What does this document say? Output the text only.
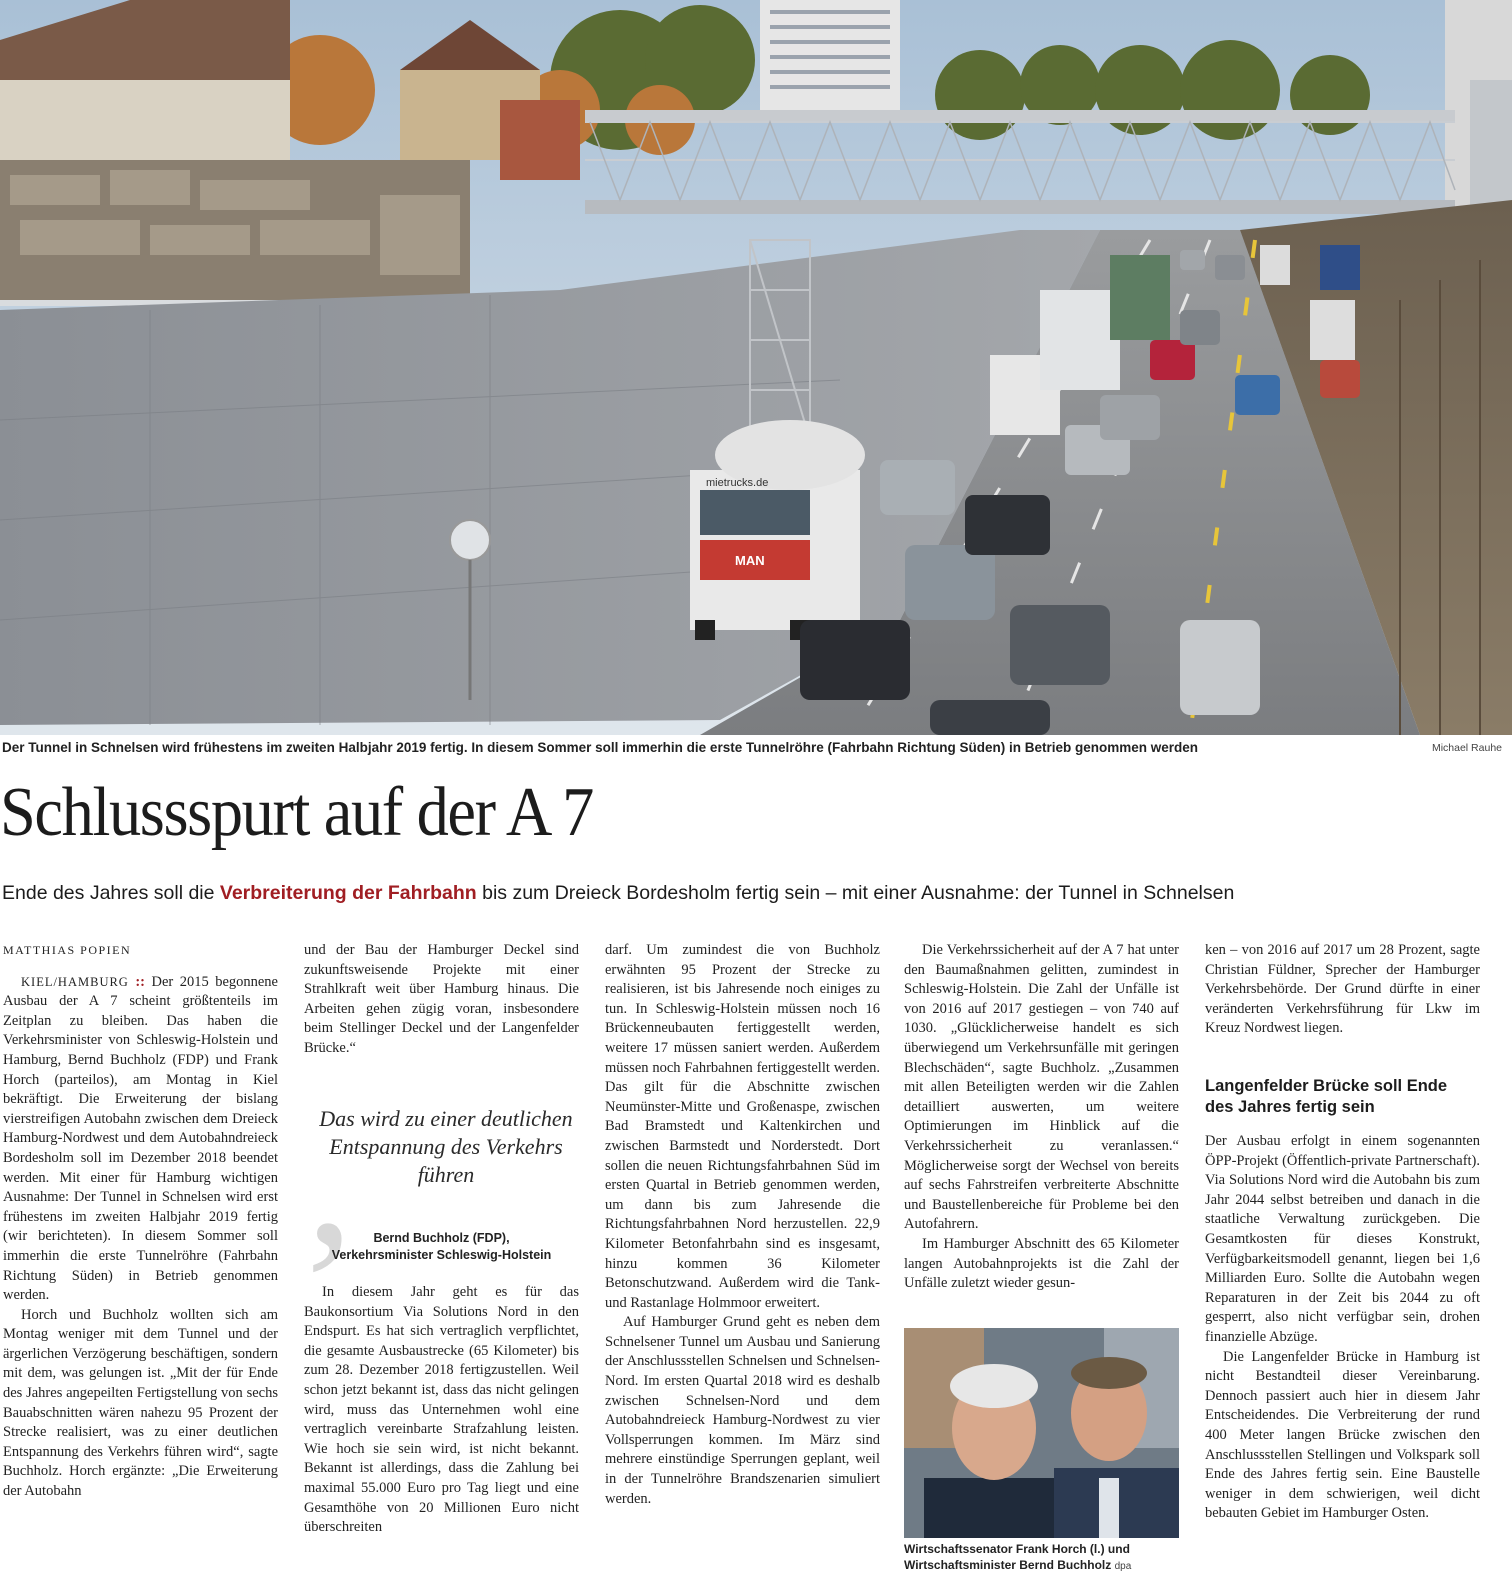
mietrucks.de
MAN
Der Tunnel in Schnelsen wird frühestens im zweiten Halbjahr 2019 fertig. In diesem Sommer soll immerhin die erste Tunnelröhre (Fahrbahn Richtung Süden) in Betrieb genommen werden	Michael Rauhe
Schlussspurt auf der A 7
Ende des Jahres soll die Verbreiterung der Fahrbahn bis zum Dreieck Bordesholm fertig sein – mit einer Ausnahme: der Tunnel in Schnelsen

MATTHIAS POPIEN

KIEL/HAMBURG :: Der 2015 begonnene Ausbau der A 7 scheint größtenteils im Zeitplan zu bleiben. Das haben die Verkehrsminister von Schleswig-Holstein und Hamburg, Bernd Buchholz (FDP) und Frank Horch (parteilos), am Montag in Kiel bekräftigt. Die Erweiterung der bislang vierstreifigen Autobahn zwischen dem Dreieck Hamburg-Nordwest und dem Autobahndreieck Bordesholm soll im Dezember 2018 beendet werden. Mit einer für Hamburg wichtigen Ausnahme: Der Tunnel in Schnelsen wird erst frühestens im zweiten Halbjahr 2019 fertig (wir berichteten). In diesem Sommer soll immerhin die erste Tunnelröhre (Fahrbahn Richtung Süden) in Betrieb genommen werden.

Horch und Buchholz wollten sich am Montag weniger mit dem Tunnel und der ärgerlichen Verzögerung beschäftigen, sondern mit dem, was gelungen ist. „Mit der für Ende des Jahres angepeilten Fertigstellung von sechs Bauabschnitten wären nahezu 95 Prozent der Strecke realisiert, was zu einer deutlichen Entspannung des Verkehrs führen wird“, sagte Buchholz. Horch ergänzte: „Die Erweiterung der Autobahn

und der Bau der Hamburger Deckel sind zukunftsweisende Projekte mit einer Strahlkraft weit über Hamburg hinaus. Die Arbeiten gehen zügig voran, insbesondere beim Stellinger Deckel und der Langenfelder Brücke.“

,
Das wird zu einer deutlichen Entspannung des Verkehrs führen
Bernd Buchholz (FDP),
Verkehrsminister Schleswig-Holstein

In diesem Jahr geht es für das Baukonsortium Via Solutions Nord in den Endspurt. Es hat sich vertraglich verpflichtet, die gesamte Ausbaustrecke (65 Kilometer) bis zum 28. Dezember 2018 fertigzustellen. Weil schon jetzt bekannt ist, dass das nicht gelingen wird, muss das Unternehmen wohl eine vertraglich vereinbarte Strafzahlung leisten. Wie hoch sie sein wird, ist nicht bekannt. Bekannt ist allerdings, dass die Zahlung bei maximal 55.000 Euro pro Tag liegt und eine Gesamthöhe von 20 Millionen Euro nicht überschreiten

darf. Um zumindest die von Buchholz erwähnten 95 Prozent der Strecke zu realisieren, ist bis Jahresende noch einiges zu tun. In Schleswig-Holstein müssen noch 16 Brückenneubauten fertiggestellt werden, weitere 17 müssen saniert werden. Außerdem müssen noch Fahrbahnen fertiggestellt werden. Das gilt für die Abschnitte zwischen Neumünster-Mitte und Großenaspe, zwischen Bad Bramstedt und Kaltenkirchen und zwischen Barmstedt und Norderstedt. Dort sollen die neuen Richtungsfahrbahnen Süd im ersten Quartal in Betrieb genommen werden, um dann bis zum Jahresende die Richtungsfahrbahnen Nord herzustellen. 22,9 Kilometer Betonfahrbahn sind es insgesamt, hinzu kommen 36 Kilometer Betonschutzwand. Außerdem wird die Tank- und Rastanlage Holmmoor erweitert.

Auf Hamburger Grund geht es neben dem Schnelsener Tunnel um Ausbau und Sanierung der Anschlussstellen Schnelsen und Schnelsen-Nord. Im ersten Quartal 2018 wird es deshalb zwischen Schnelsen-Nord und dem Autobahndreieck Hamburg-Nordwest zu vier Vollsperrungen kommen. Im März sind mehrere einstündige Sperrungen geplant, weil in der Tunnelröhre Brandszenarien simuliert werden.

Die Verkehrssicherheit auf der A 7 hat unter den Baumaßnahmen gelitten, zumindest in Schleswig-Holstein. Die Zahl der Unfälle ist von 2016 auf 2017 gestiegen – von 740 auf 1030. „Glücklicherweise handelt es sich überwiegend um Verkehrsunfälle mit geringen Blechschäden“, sagte Buchholz. „Zusammen mit allen Beteiligten werden wir die Zahlen detailliert auswerten, um weitere Optimierungen im Hinblick auf die Verkehrssicherheit zu veranlassen.“ Möglicherweise sorgt der Wechsel von bereits auf sechs Fahrstreifen verbreiterte Abschnitte und Baustellenbereiche für Probleme bei den Autofahrern.

Im Hamburger Abschnitt des 65 Kilometer langen Autobahnprojekts ist die Zahl der Unfälle zuletzt wieder gesun-

Wirtschaftssenator Frank Horch (l.) und Wirtschaftsminister Bernd Buchholz dpa

ken – von 2016 auf 2017 um 28 Prozent, sagte Christian Füldner, Sprecher der Hamburger Verkehrsbehörde. Der Grund dürfte in einer veränderten Verkehrsführung für Lkw im Kreuz Nordwest liegen.

Langenfelder Brücke soll Ende des Jahres fertig sein

Der Ausbau erfolgt in einem sogenannten ÖPP-Projekt (Öffentlich-private Partnerschaft). Via Solutions Nord wird die Autobahn bis zum Jahr 2044 selbst betreiben und danach in die staatliche Verwaltung zurückgeben. Die Gesamtkosten für dieses Konstrukt, Verfügbarkeitsmodell genannt, liegen bei 1,6 Milliarden Euro. Sollte die Autobahn wegen Reparaturen in der Zeit bis 2044 zu oft gesperrt, also nicht verfügbar sein, drohen finanzielle Abzüge.

Die Langenfelder Brücke in Hamburg ist nicht Bestandteil dieser Vereinbarung. Dennoch passiert auch hier in diesem Jahr Entscheidendes. Die Verbreiterung der rund 400 Meter langen Brücke zwischen den Anschlussstellen Stellingen und Volkspark soll Ende des Jahres fertig sein. Eine Baustelle weniger in dem schwierigen, weil dicht bebauten Gebiet im Hamburger Osten.
